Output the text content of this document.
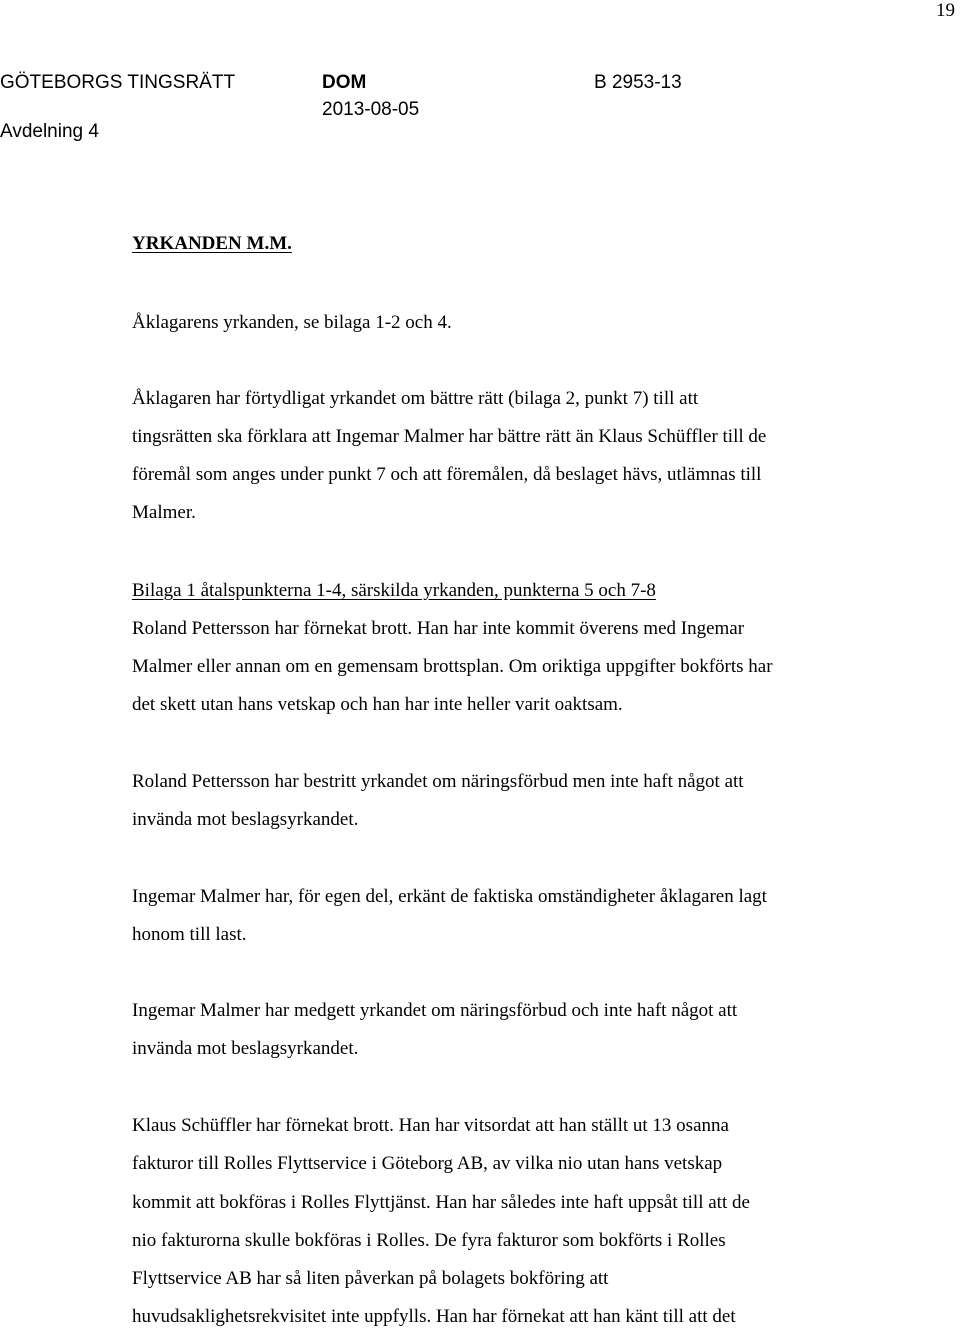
19
GÖTEBORGS TINGSRÄTT
Avdelning 4
DOM
2013-08-05
B 2953-13
YRKANDEN M.M.
Åklagarens yrkanden, se bilaga 1-2 och 4.
Åklagaren har förtydligat yrkandet om bättre rätt (bilaga 2, punkt 7) till att
tingsrätten ska förklara att Ingemar Malmer har bättre rätt än Klaus Schüffler till de
föremål som anges under punkt 7 och att föremålen, då beslaget hävs, utlämnas till
Malmer.
Bilaga 1 åtalspunkterna 1-4, särskilda yrkanden, punkterna 5 och 7-8
Roland Pettersson har förnekat brott. Han har inte kommit överens med Ingemar
Malmer eller annan om en gemensam brottsplan. Om oriktiga uppgifter bokförts har
det skett utan hans vetskap och han har inte heller varit oaktsam.
Roland Pettersson har bestritt yrkandet om näringsförbud men inte haft något att
invända mot beslagsyrkandet.
Ingemar Malmer har, för egen del, erkänt de faktiska omständigheter åklagaren lagt
honom till last.
Ingemar Malmer har medgett yrkandet om näringsförbud och inte haft något att
invända mot beslagsyrkandet.
Klaus Schüffler har förnekat brott. Han har vitsordat att han ställt ut 13 osanna
fakturor till Rolles Flyttservice i Göteborg AB, av vilka nio utan hans vetskap
kommit att bokföras i Rolles Flyttjänst. Han har således inte haft uppsåt till att de
nio fakturorna skulle bokföras i Rolles. De fyra fakturor som bokförts i Rolles
Flyttservice AB har så liten påverkan på bolagets bokföring att
huvudsaklighetsrekvisitet inte uppfylls. Han har förnekat att han känt till att det
